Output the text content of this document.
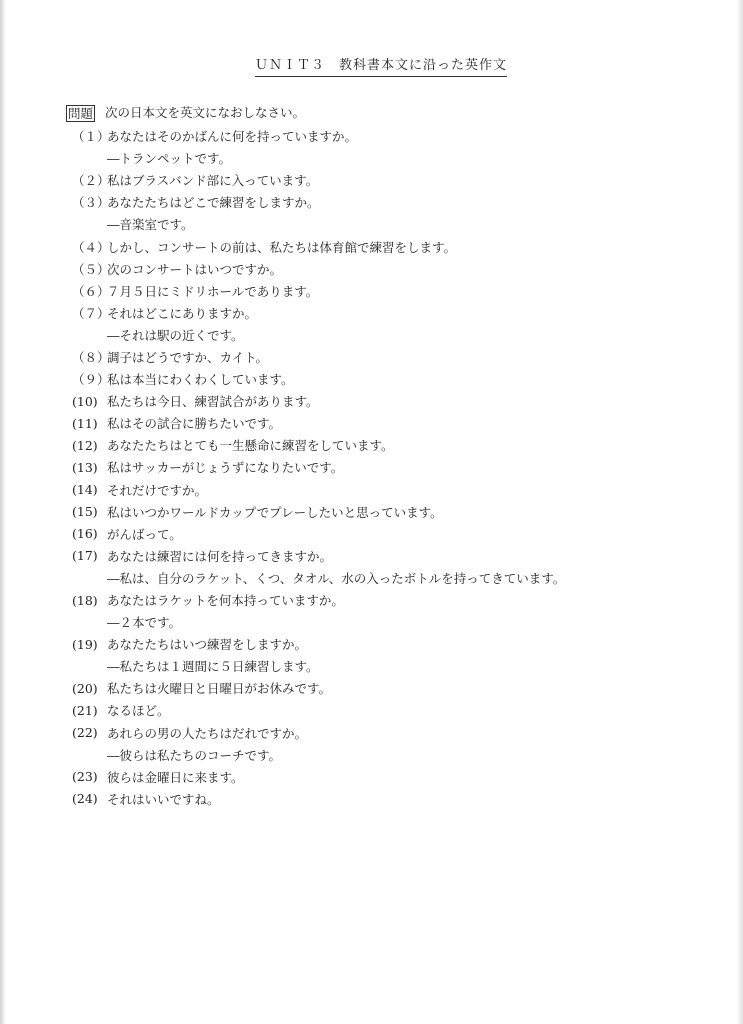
ＵＮＩＴ３　教科書本文に沿った英作文
問題 次の日本文を英文になおしなさい。
（１）
あなたはそのかばんに何を持っていますか。
―トランペットです。
（２）
私はブラスバンド部に入っています。
（３）
あなたたちはどこで練習をしますか。
―音楽室です。
（４）
しかし、コンサートの前は、私たちは体育館で練習をします。
（５）
次のコンサートはいつですか。
（６）
７月５日にミドリホールであります。
（７）
それはどこにありますか。
―それは駅の近くです。
（８）
調子はどうですか、カイト。
（９）
私は本当にわくわくしています。
(10) 私たちは今日、練習試合があります。
(11) 私はその試合に勝ちたいです。
(12) あなたたちはとても一生懸命に練習をしています。
(13) 私はサッカーがじょうずになりたいです。
(14) それだけですか。
(15) 私はいつかワールドカップでプレーしたいと思っています。
(16) がんばって。
(17) あなたは練習には何を持ってきますか。
―私は、自分のラケット、くつ、タオル、水の入ったボトルを持ってきています。
(18) あなたはラケットを何本持っていますか。
―２本です。
(19) あなたたちはいつ練習をしますか。
―私たちは１週間に５日練習します。
(20) 私たちは火曜日と日曜日がお休みです。
(21) なるほど。
(22) あれらの男の人たちはだれですか。
―彼らは私たちのコーチです。
(23) 彼らは金曜日に来ます。
(24) それはいいですね。
